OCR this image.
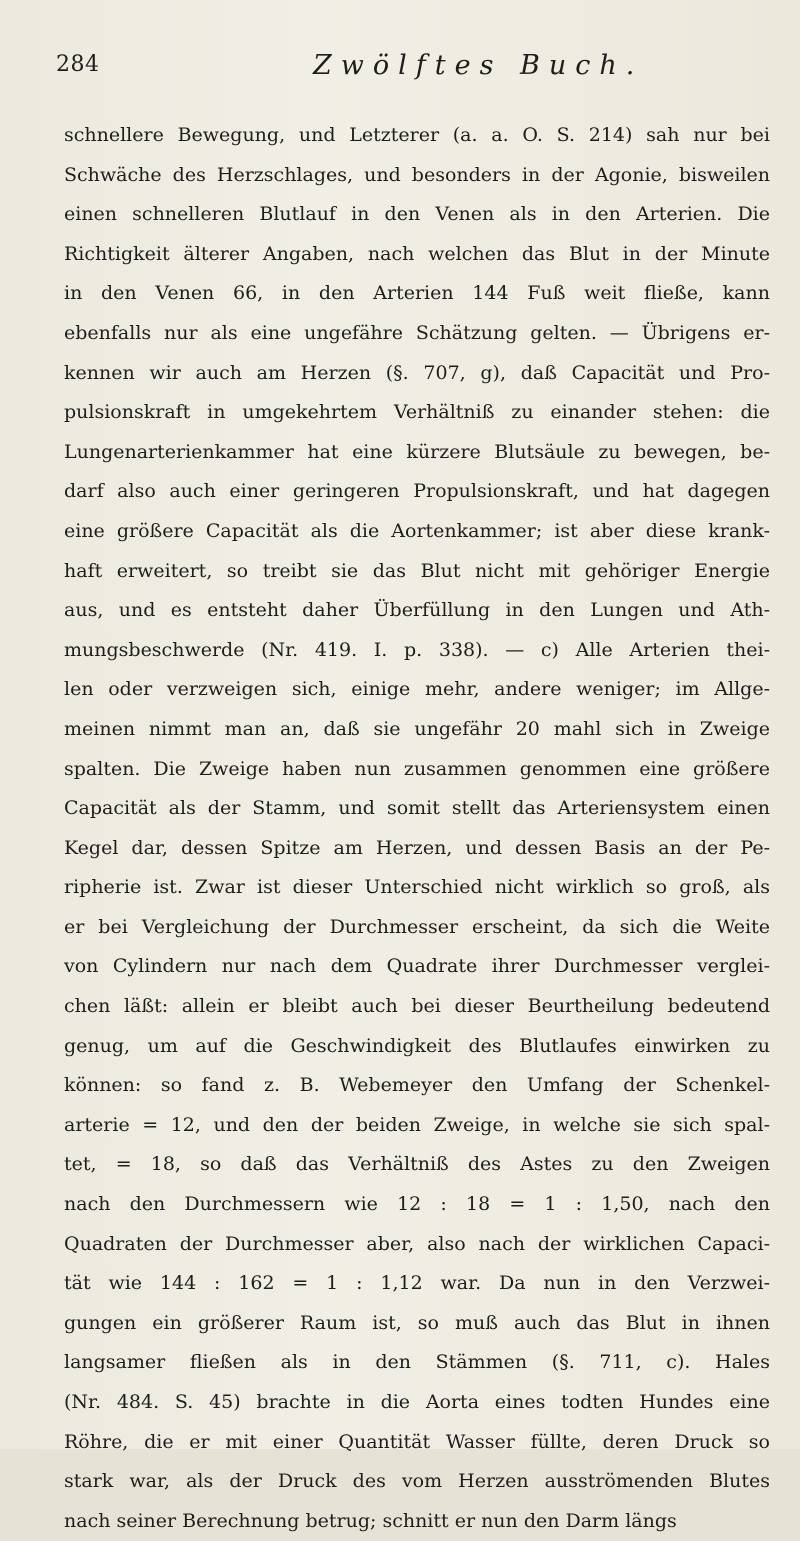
284	Zwölftes Buch.
schnellere Bewegung, und Letzterer (a. a. O. S. 214) sah nur bei
Schwäche des Herzschlages, und besonders in der Agonie, bisweilen
einen schnelleren Blutlauf in den Venen als in den Arterien. Die
Richtigkeit älterer Angaben, nach welchen das Blut in der Minute
in den Venen 66, in den Arterien 144 Fuß weit fließe, kann
ebenfalls nur als eine ungefähre Schätzung gelten. — Übrigens er-
kennen wir auch am Herzen (§. 707, g), daß Capacität und Pro-
pulsionskraft in umgekehrtem Verhältniß zu einander stehen: die
Lungenarterienkammer hat eine kürzere Blutsäule zu bewegen, be-
darf also auch einer geringeren Propulsionskraft, und hat dagegen
eine größere Capacität als die Aortenkammer; ist aber diese krank-
haft erweitert, so treibt sie das Blut nicht mit gehöriger Energie
aus, und es entsteht daher Überfüllung in den Lungen und Ath-
mungsbeschwerde (Nr. 419. I. p. 338). — c) Alle Arterien thei-
len oder verzweigen sich, einige mehr, andere weniger; im Allge-
meinen nimmt man an, daß sie ungefähr 20 mahl sich in Zweige
spalten. Die Zweige haben nun zusammen genommen eine größere
Capacität als der Stamm, und somit stellt das Arteriensystem einen
Kegel dar, dessen Spitze am Herzen, und dessen Basis an der Pe-
ripherie ist. Zwar ist dieser Unterschied nicht wirklich so groß, als
er bei Vergleichung der Durchmesser erscheint, da sich die Weite
von Cylindern nur nach dem Quadrate ihrer Durchmesser verglei-
chen läßt: allein er bleibt auch bei dieser Beurtheilung bedeutend
genug, um auf die Geschwindigkeit des Blutlaufes einwirken zu
können: so fand z. B. Webemeyer den Umfang der Schenkel-
arterie = 12, und den der beiden Zweige, in welche sie sich spal-
tet, = 18, so daß das Verhältniß des Astes zu den Zweigen
nach den Durchmessern wie 12 : 18 = 1 : 1,50, nach den
Quadraten der Durchmesser aber, also nach der wirklichen Capaci-
tät wie 144 : 162 = 1 : 1,12 war. Da nun in den Verzwei-
gungen ein größerer Raum ist, so muß auch das Blut in ihnen
langsamer fließen als in den Stämmen (§. 711, c). Hales
(Nr. 484. S. 45) brachte in die Aorta eines todten Hundes eine
Röhre, die er mit einer Quantität Wasser füllte, deren Druck so
stark war, als der Druck des vom Herzen ausströmenden Blutes
nach seiner Berechnung betrug; schnitt er nun den Darm längs
